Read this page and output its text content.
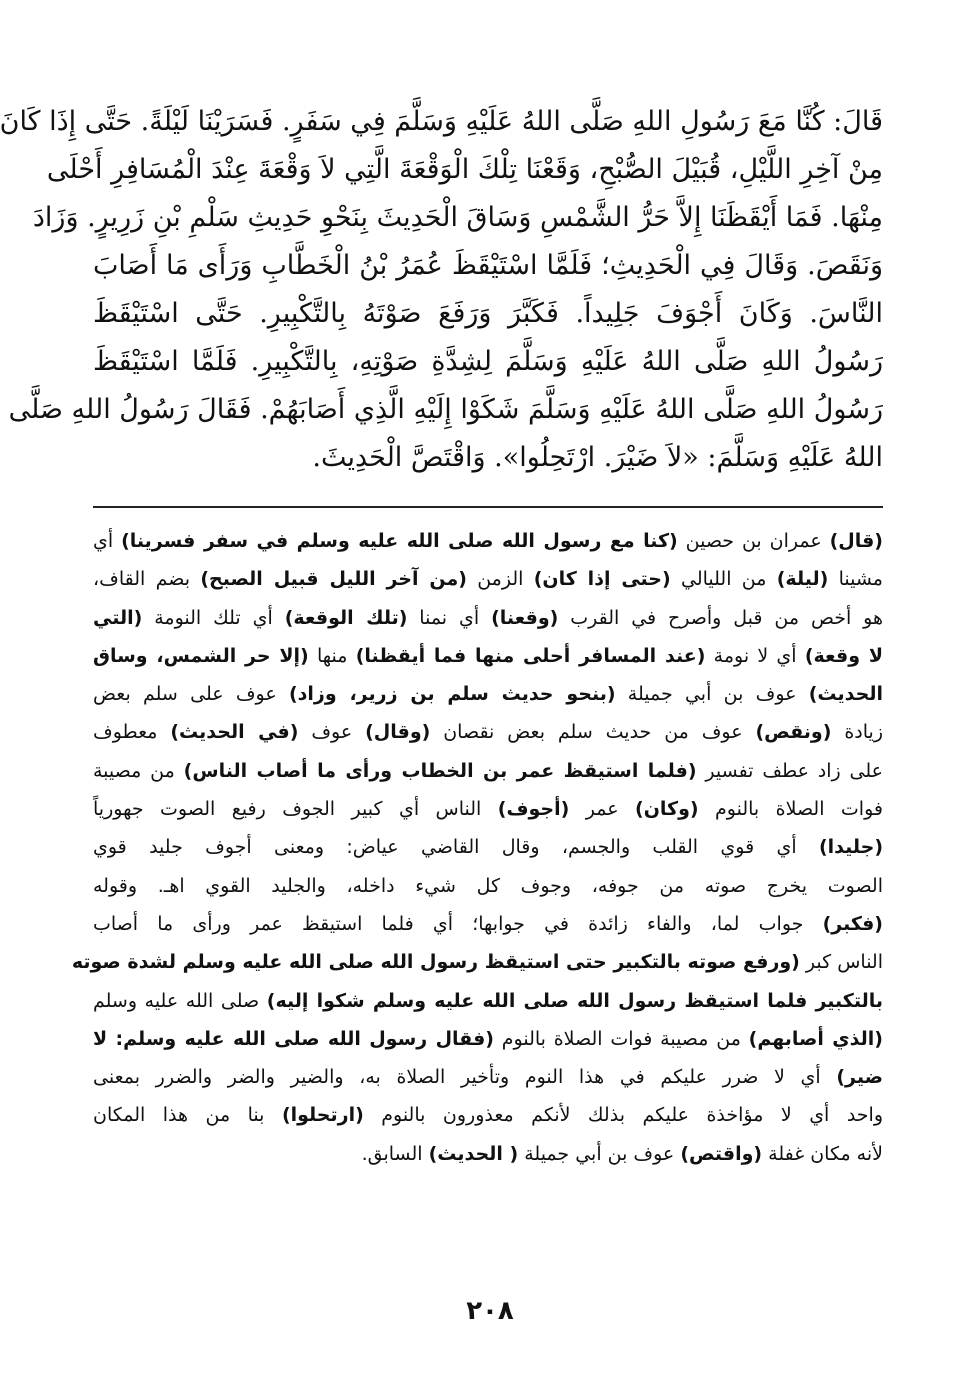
قَالَ: كُنَّا مَعَ رَسُولِ اللهِ صَلَّى اللهُ عَلَيْهِ وَسَلَّمَ فِي سَفَرٍ. فَسَرَيْنَا لَيْلَةً. حَتَّى إِذَا كَانَ
مِنْ آخِرِ اللَّيْلِ، قُبَيْلَ الصُّبْحِ، وَقَعْنَا تِلْكَ الْوَقْعَةَ الَّتِي لاَ وَقْعَةَ عِنْدَ الْمُسَافِرِ أَحْلَى
مِنْهَا. فَمَا أَيْقَظَنَا إِلاَّ حَرُّ الشَّمْسِ وَسَاقَ الْحَدِيثَ بِنَحْوِ حَدِيثِ سَلْمِ بْنِ زَرِيرٍ. وَزَادَ
وَنَقَصَ. وَقَالَ فِي الْحَدِيثِ؛ فَلَمَّا اسْتَيْقَظَ عُمَرُ بْنُ الْخَطَّابِ وَرَأَى مَا أَصَابَ
النَّاسَ. وَكَانَ أَجْوَفَ جَلِيداً. فَكَبَّرَ وَرَفَعَ صَوْتَهُ بِالتَّكْبِيرِ. حَتَّى اسْتَيْقَظَ
رَسُولُ اللهِ صَلَّى اللهُ عَلَيْهِ وَسَلَّمَ لِشِدَّةِ صَوْتِهِ، بِالتَّكْبِيرِ. فَلَمَّا اسْتَيْقَظَ
رَسُولُ اللهِ صَلَّى اللهُ عَلَيْهِ وَسَلَّمَ شَكَوْا إِلَيْهِ الَّذِي أَصَابَهُمْ. فَقَالَ رَسُولُ اللهِ صَلَّى
اللهُ عَلَيْهِ وَسَلَّمَ: «لاَ ضَيْرَ. ارْتَحِلُوا». وَاقْتَصَّ الْحَدِيثَ.
(قال) عمران بن حصين (كنا مع رسول الله صلى الله عليه وسلم في سفر فسرينا) أي
مشينا (ليلة) من الليالي (حتى إذا كان) الزمن (من آخر الليل قبيل الصبح) بضم القاف،
هو أخص من قبل وأصرح في القرب (وقعنا) أي نمنا (تلك الوقعة) أي تلك النومة (التي
لا وقعة) أي لا نومة (عند المسافر أحلى منها فما أيقظنا) منها (إلا حر الشمس، وساق
الحديث) عوف بن أبي جميلة (بنحو حديث سلم بن زرير، وزاد) عوف على سلم بعض
زيادة (ونقص) عوف من حديث سلم بعض نقصان (وقال) عوف (في الحديث) معطوف
على زاد عطف تفسير (فلما استيقظ عمر بن الخطاب ورأى ما أصاب الناس) من مصيبة
فوات الصلاة بالنوم (وكان) عمر (أجوف) الناس أي كبير الجوف رفيع الصوت جهورياً
(جليدا) أي قوي القلب والجسم، وقال القاضي عياض: ومعنى أجوف جليد قوي
الصوت يخرج صوته من جوفه، وجوف كل شيء داخله، والجليد القوي اهـ. وقوله
(فكبر) جواب لما، والفاء زائدة في جوابها؛ أي فلما استيقظ عمر ورأى ما أصاب
الناس كبر (ورفع صوته بالتكبير حتى استيقظ رسول الله صلى الله عليه وسلم لشدة صوته
بالتكبير فلما استيقظ رسول الله صلى الله عليه وسلم شكوا إليه) صلى الله عليه وسلم
(الذي أصابهم) من مصيبة فوات الصلاة بالنوم (فقال رسول الله صلى الله عليه وسلم: لا
ضير) أي لا ضرر عليكم في هذا النوم وتأخير الصلاة به، والضير والضر والضرر بمعنى
واحد أي لا مؤاخذة عليكم بذلك لأنكم معذورون بالنوم (ارتحلوا) بنا من هذا المكان
لأنه مكان غفلة (واقتص) عوف بن أبي جميلة ( الحديث) السابق.
٢٠٨
